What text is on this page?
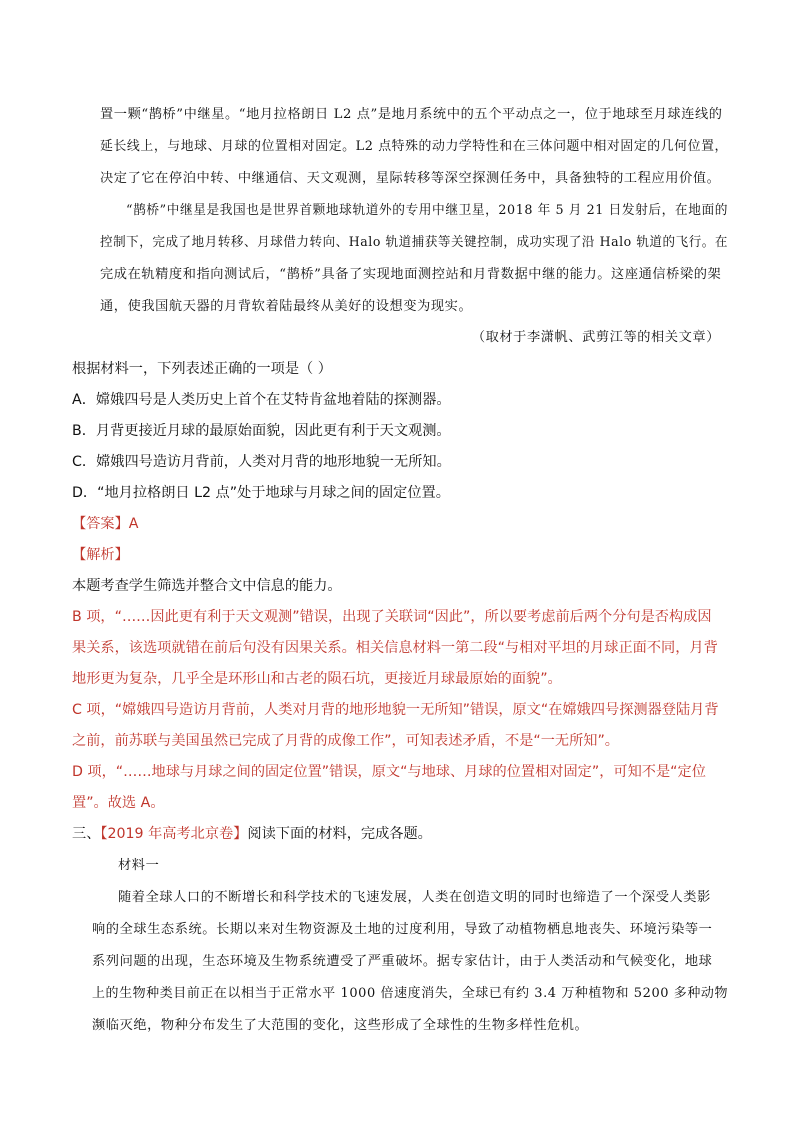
置一颗“鹊桥”中继星。“地月拉格朗日 L2 点”是地月系统中的五个平动点之一，位于地球至月球连线的
延长线上，与地球、月球的位置相对固定。L2 点特殊的动力学特性和在三体问题中相对固定的几何位置，
决定了它在停泊中转、中继通信、天文观测，星际转移等深空探测任务中，具备独特的工程应用价值。
“鹊桥”中继星是我国也是世界首颗地球轨道外的专用中继卫星，2018 年 5 月 21 日发射后，在地面的
控制下，完成了地月转移、月球借力转向、Halo 轨道捕获等关键控制，成功实现了沿 Halo 轨道的飞行。在
完成在轨精度和指向测试后，“鹊桥”具备了实现地面测控站和月背数据中继的能力。这座通信桥梁的架
通，使我国航天器的月背软着陆最终从美好的设想变为现实。
（取材于李潇帆、武剪江等的相关文章）
根据材料一，下列表述正确的一项是（ ）
A．嫦娥四号是人类历史上首个在艾特肯盆地着陆的探测器。
B．月背更接近月球的最原始面貌，因此更有利于天文观测。
C．嫦娥四号造访月背前，人类对月背的地形地貌一无所知。
D．“地月拉格朗日 L2 点”处于地球与月球之间的固定位置。
【答案】A
【解析】
本题考查学生筛选并整合文中信息的能力。
B 项，“……因此更有利于天文观测”错误，出现了关联词“因此”，所以要考虑前后两个分句是否构成因
果关系，该选项就错在前后句没有因果关系。相关信息材料一第二段“与相对平坦的月球正面不同，月背
地形更为复杂，几乎全是环形山和古老的陨石坑，更接近月球最原始的面貌”。
C 项，“嫦娥四号造访月背前，人类对月背的地形地貌一无所知”错误，原文“在嫦娥四号探测器登陆月背
之前，前苏联与美国虽然已完成了月背的成像工作”，可知表述矛盾，不是“一无所知”。
D 项，“……地球与月球之间的固定位置”错误，原文“与地球、月球的位置相对固定”，可知不是“定位
置”。故选 A。
三、【2019 年高考北京卷】阅读下面的材料，完成各题。
材料一
随着全球人口的不断增长和科学技术的飞速发展，人类在创造文明的同时也缔造了一个深受人类影
响的全球生态系统。长期以来对生物资源及土地的过度利用，导致了动植物栖息地丧失、环境污染等一
系列问题的出现，生态环境及生物系统遭受了严重破坏。据专家估计，由于人类活动和气候变化，地球
上的生物种类目前正在以相当于正常水平 1000 倍速度消失，全球已有约 3.4 万种植物和 5200 多种动物
濒临灭绝，物种分布发生了大范围的变化，这些形成了全球性的生物多样性危机。
